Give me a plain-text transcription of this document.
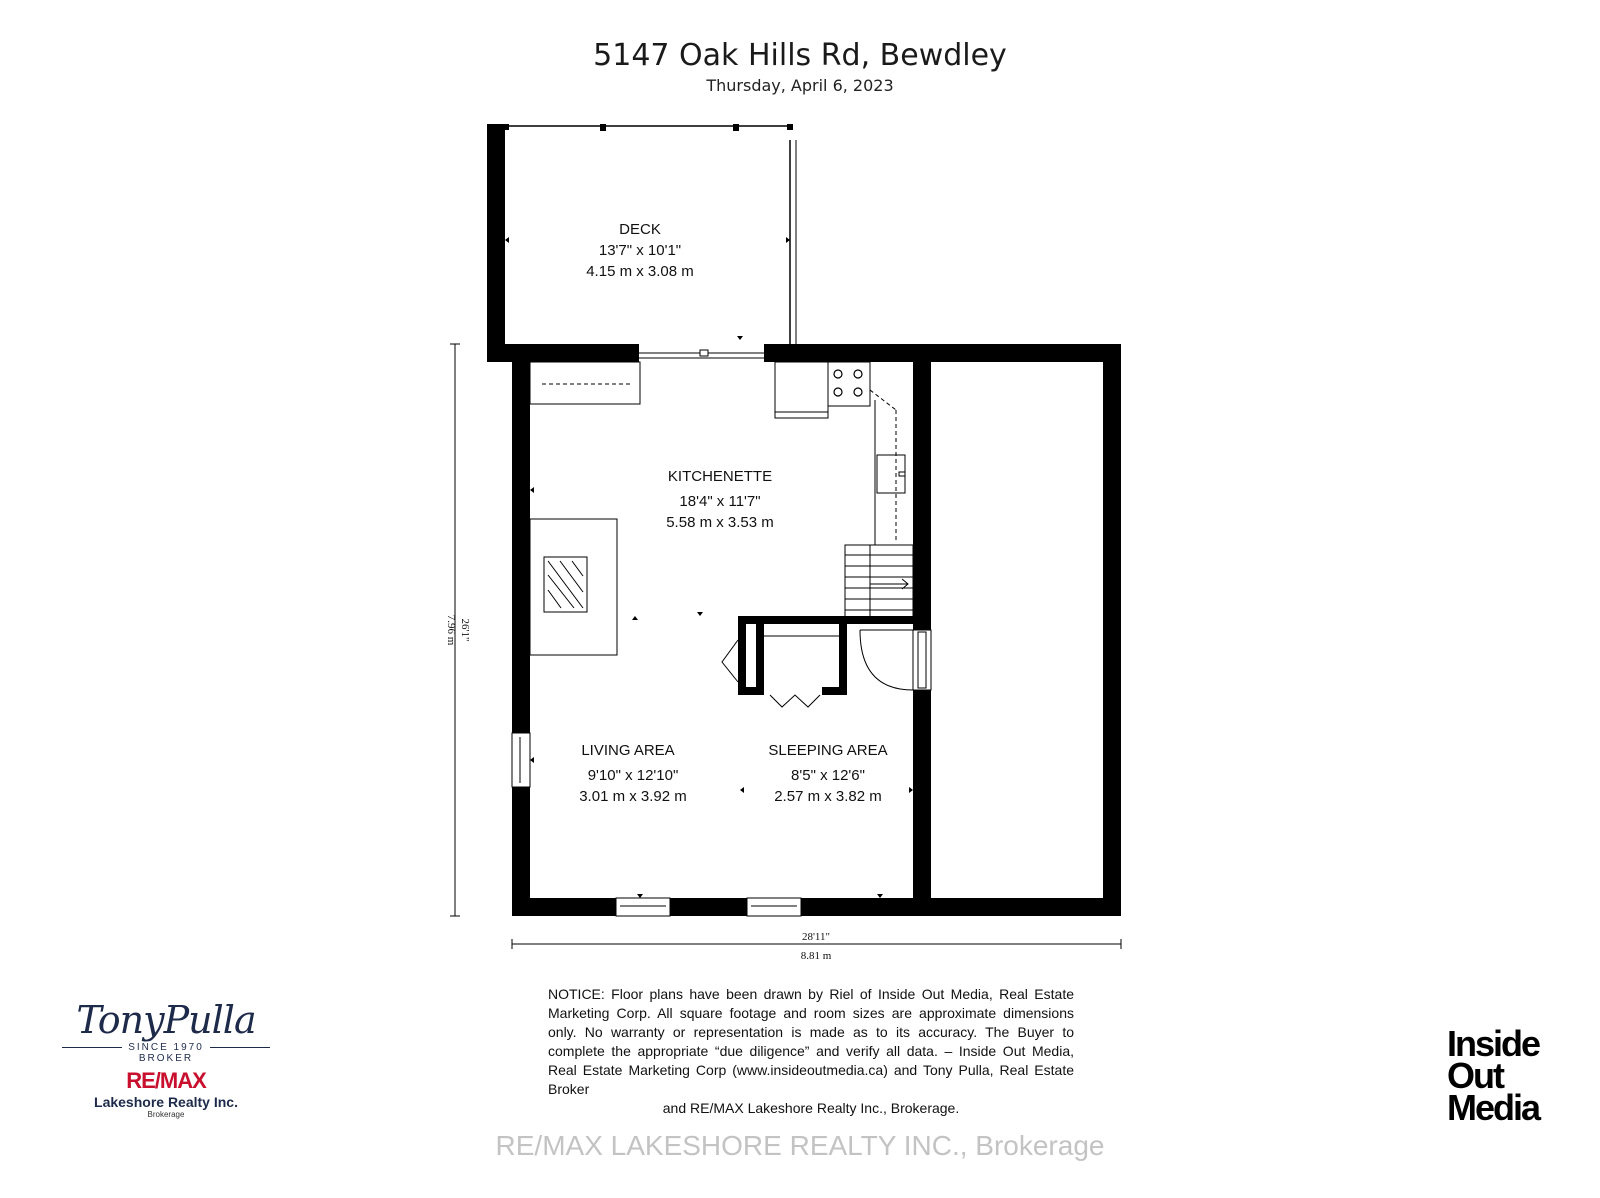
5147 Oak Hills Rd, Bewdley
Thursday, April 6, 2023
DECK
13'7" x 10'1"
4.15 m x 3.08 m
KITCHENETTE
18'4" x 11'7"
5.58 m x 3.53 m
LIVING AREA
9'10" x 12'10"
3.01 m x 3.92 m
SLEEPING AREA
8'5" x 12'6"
2.57 m x 3.82 m
26'1"
7.96 m
28'11"
8.81 m
NOTICE: Floor plans have been drawn by Riel of Inside Out Media, Real Estate Marketing Corp. All square footage and room sizes are approximate dimensions only. No warranty or representation is made as to its accuracy. The Buyer to complete the appropriate “due diligence” and verify all data. – Inside Out Media, Real Estate Marketing Corp (www.insideoutmedia.ca) and Tony Pulla, Real Estate Broker
and RE/MAX Lakeshore Realty Inc., Brokerage.
TonyPulla
SINCE 1970
BROKER
RE/MAX
Lakeshore Realty Inc.
Brokerage
Inside
Out
Media
RE/MAX LAKESHORE REALTY INC., Brokerage
